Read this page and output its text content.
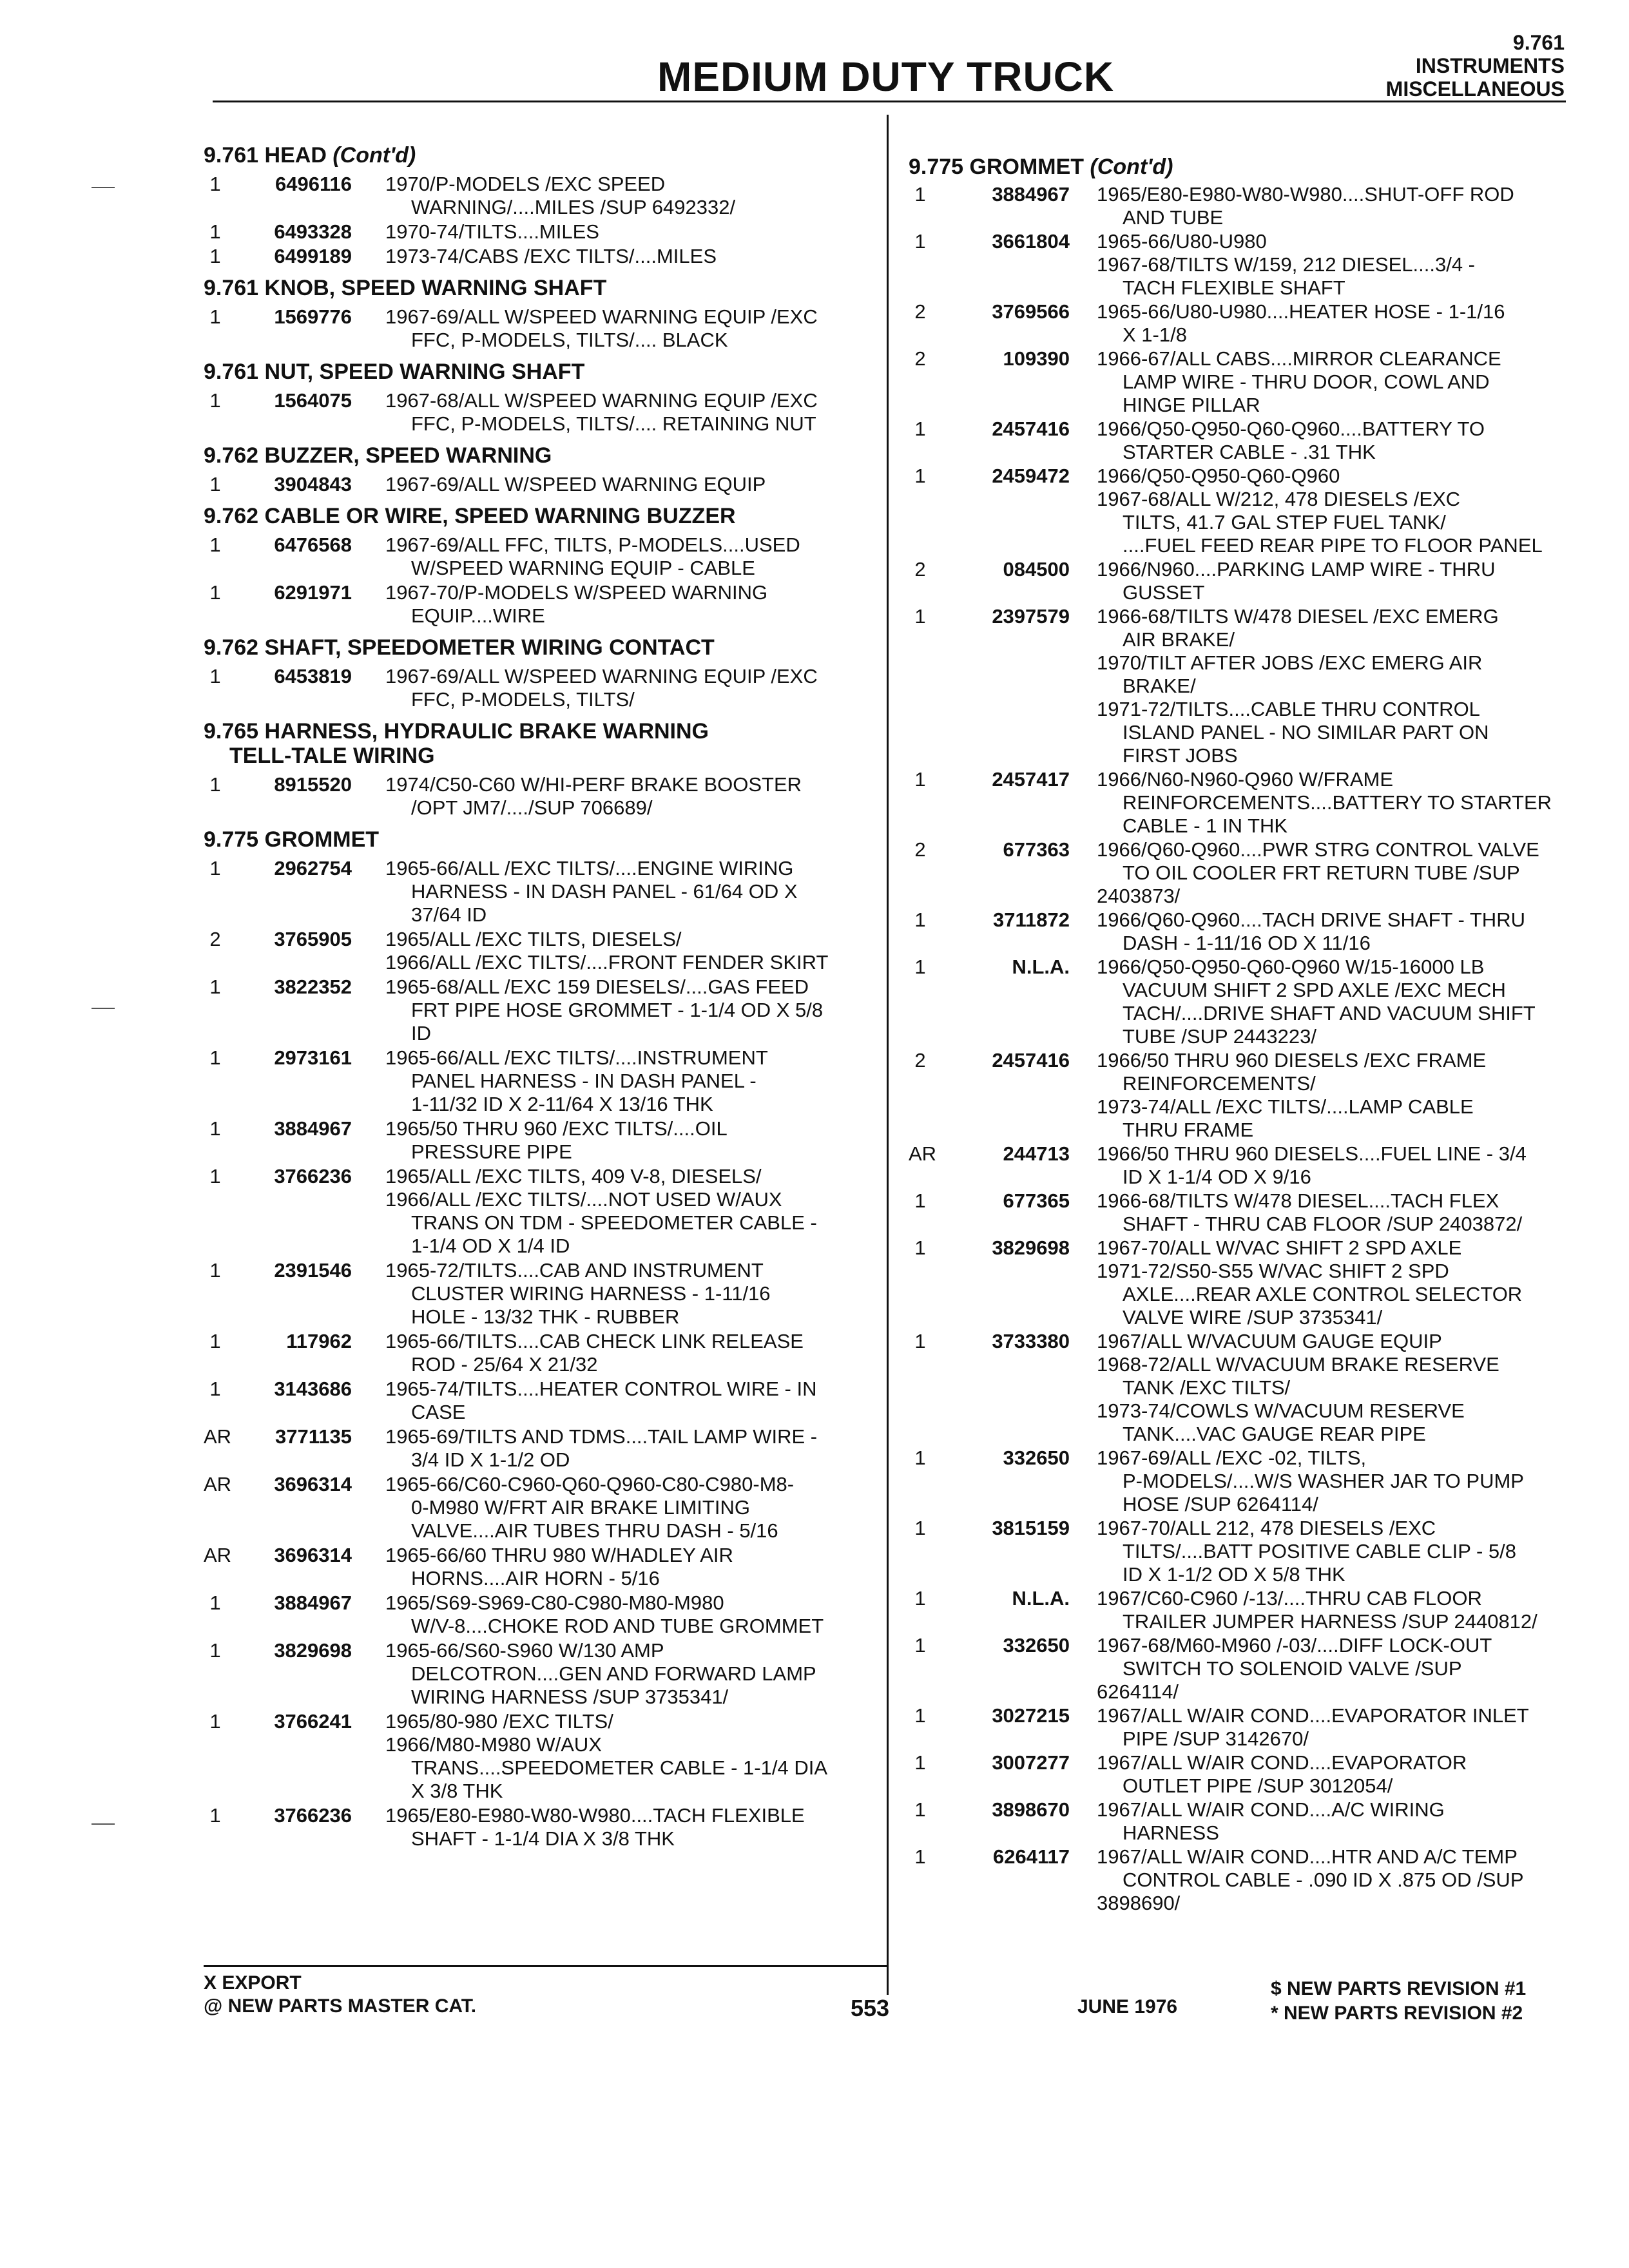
MEDIUM DUTY TRUCK
9.761
INSTRUMENTS
MISCELLANEOUS
9.761 HEAD (Cont'd)
1	6496116 1970/P-MODELS /EXC SPEED
WARNING/....MILES /SUP 6492332/
1	6493328 1970-74/TILTS....MILES
1	6499189 1973-74/CABS /EXC TILTS/....MILES
9.761 KNOB, SPEED WARNING SHAFT
1	1569776 1967-69/ALL W/SPEED WARNING EQUIP /EXC
FFC, P-MODELS, TILTS/.... BLACK
9.761 NUT, SPEED WARNING SHAFT
1	1564075 1967-68/ALL W/SPEED WARNING EQUIP /EXC
FFC, P-MODELS, TILTS/.... RETAINING NUT
9.762 BUZZER, SPEED WARNING
1	3904843 1967-69/ALL W/SPEED WARNING EQUIP
9.762 CABLE OR WIRE, SPEED WARNING BUZZER
1	6476568 1967-69/ALL FFC, TILTS, P-MODELS....USED
W/SPEED WARNING EQUIP - CABLE
1	6291971 1967-70/P-MODELS W/SPEED WARNING
EQUIP....WIRE
9.762 SHAFT, SPEEDOMETER WIRING CONTACT
1	6453819 1967-69/ALL W/SPEED WARNING EQUIP /EXC
FFC, P-MODELS, TILTS/
9.765 HARNESS, HYDRAULIC BRAKE WARNING
TELL-TALE WIRING
1	8915520 1974/C50-C60 W/HI-PERF BRAKE BOOSTER
/OPT JM7/..../SUP 706689/
9.775 GROMMET
1	2962754 1965-66/ALL /EXC TILTS/....ENGINE WIRING
HARNESS - IN DASH PANEL - 61/64 OD X
37/64 ID
2	3765905 1965/ALL /EXC TILTS, DIESELS/
1966/ALL /EXC TILTS/....FRONT FENDER SKIRT
1	3822352 1965-68/ALL /EXC 159 DIESELS/....GAS FEED
FRT PIPE HOSE GROMMET - 1-1/4 OD X 5/8
ID
1	2973161 1965-66/ALL /EXC TILTS/....INSTRUMENT
PANEL HARNESS - IN DASH PANEL -
1-11/32 ID X 2-11/64 X 13/16 THK
1	3884967 1965/50 THRU 960 /EXC TILTS/....OIL
PRESSURE PIPE
1	3766236 1965/ALL /EXC TILTS, 409 V-8, DIESELS/
1966/ALL /EXC TILTS/....NOT USED W/AUX
TRANS ON TDM - SPEEDOMETER CABLE -
1-1/4 OD X 1/4 ID
1	2391546 1965-72/TILTS....CAB AND INSTRUMENT
CLUSTER WIRING HARNESS - 1-11/16
HOLE - 13/32 THK - RUBBER
1	117962 1965-66/TILTS....CAB CHECK LINK RELEASE
ROD - 25/64 X 21/32
1	3143686 1965-74/TILTS....HEATER CONTROL WIRE - IN
CASE
AR	3771135 1965-69/TILTS AND TDMS....TAIL LAMP WIRE -
3/4 ID X 1-1/2 OD
AR	3696314 1965-66/C60-C960-Q60-Q960-C80-C980-M8-
0-M980 W/FRT AIR BRAKE LIMITING
VALVE....AIR TUBES THRU DASH - 5/16
AR	3696314 1965-66/60 THRU 980 W/HADLEY AIR
HORNS....AIR HORN - 5/16
1	3884967 1965/S69-S969-C80-C980-M80-M980
W/V-8....CHOKE ROD AND TUBE GROMMET
1	3829698 1965-66/S60-S960 W/130 AMP
DELCOTRON....GEN AND FORWARD LAMP
WIRING HARNESS /SUP 3735341/
1	3766241 1965/80-980 /EXC TILTS/
1966/M80-M980 W/AUX
TRANS....SPEEDOMETER CABLE - 1-1/4 DIA
X 3/8 THK
1	3766236 1965/E80-E980-W80-W980....TACH FLEXIBLE
SHAFT - 1-1/4 DIA X 3/8 THK
9.775 GROMMET (Cont'd)
1	3884967 1965/E80-E980-W80-W980....SHUT-OFF ROD
AND TUBE
1	3661804 1965-66/U80-U980
1967-68/TILTS W/159, 212 DIESEL....3/4 -
TACH FLEXIBLE SHAFT
2	3769566 1965-66/U80-U980....HEATER HOSE - 1-1/16
X 1-1/8
2	109390 1966-67/ALL CABS....MIRROR CLEARANCE
LAMP WIRE - THRU DOOR, COWL AND
HINGE PILLAR
1	2457416 1966/Q50-Q950-Q60-Q960....BATTERY TO
STARTER CABLE - .31 THK
1	2459472 1966/Q50-Q950-Q60-Q960
1967-68/ALL W/212, 478 DIESELS /EXC
TILTS, 41.7 GAL STEP FUEL TANK/
....FUEL FEED REAR PIPE TO FLOOR PANEL
2	084500 1966/N960....PARKING LAMP WIRE - THRU
GUSSET
1	2397579 1966-68/TILTS W/478 DIESEL /EXC EMERG
AIR BRAKE/
1970/TILT AFTER JOBS /EXC EMERG AIR
BRAKE/
1971-72/TILTS....CABLE THRU CONTROL
ISLAND PANEL - NO SIMILAR PART ON
FIRST JOBS
1	2457417 1966/N60-N960-Q960 W/FRAME
REINFORCEMENTS....BATTERY TO STARTER
CABLE - 1 IN THK
2	677363 1966/Q60-Q960....PWR STRG CONTROL VALVE
TO OIL COOLER FRT RETURN TUBE /SUP
2403873/
1	3711872 1966/Q60-Q960....TACH DRIVE SHAFT - THRU
DASH - 1-11/16 OD X 11/16
1	N.L.A. 1966/Q50-Q950-Q60-Q960 W/15-16000 LB
VACUUM SHIFT 2 SPD AXLE /EXC MECH
TACH/....DRIVE SHAFT AND VACUUM SHIFT
TUBE /SUP 2443223/
2	2457416 1966/50 THRU 960 DIESELS /EXC FRAME
REINFORCEMENTS/
1973-74/ALL /EXC TILTS/....LAMP CABLE
THRU FRAME
AR	244713 1966/50 THRU 960 DIESELS....FUEL LINE - 3/4
ID X 1-1/4 OD X 9/16
1	677365 1966-68/TILTS W/478 DIESEL....TACH FLEX
SHAFT - THRU CAB FLOOR /SUP 2403872/
1	3829698 1967-70/ALL W/VAC SHIFT 2 SPD AXLE
1971-72/S50-S55 W/VAC SHIFT 2 SPD
AXLE....REAR AXLE CONTROL SELECTOR
VALVE WIRE /SUP 3735341/
1	3733380 1967/ALL W/VACUUM GAUGE EQUIP
1968-72/ALL W/VACUUM BRAKE RESERVE
TANK /EXC TILTS/
1973-74/COWLS W/VACUUM RESERVE
TANK....VAC GAUGE REAR PIPE
1	332650 1967-69/ALL /EXC -02, TILTS,
P-MODELS/....W/S WASHER JAR TO PUMP
HOSE /SUP 6264114/
1	3815159 1967-70/ALL 212, 478 DIESELS /EXC
TILTS/....BATT POSITIVE CABLE CLIP - 5/8
ID X 1-1/2 OD X 5/8 THK
1	N.L.A. 1967/C60-C960 /-13/....THRU CAB FLOOR
TRAILER JUMPER HARNESS /SUP 2440812/
1	332650 1967-68/M60-M960 /-03/....DIFF LOCK-OUT
SWITCH TO SOLENOID VALVE /SUP
6264114/
1	3027215 1967/ALL W/AIR COND....EVAPORATOR INLET
PIPE /SUP 3142670/
1	3007277 1967/ALL W/AIR COND....EVAPORATOR
OUTLET PIPE /SUP 3012054/
1	3898670 1967/ALL W/AIR COND....A/C WIRING
HARNESS
1	6264117 1967/ALL W/AIR COND....HTR AND A/C TEMP
CONTROL CABLE - .090 ID X .875 OD /SUP
3898690/
X EXPORT
@ NEW PARTS MASTER CAT.	553	JUNE 1976
$ NEW PARTS REVISION #1
* NEW PARTS REVISION #2
